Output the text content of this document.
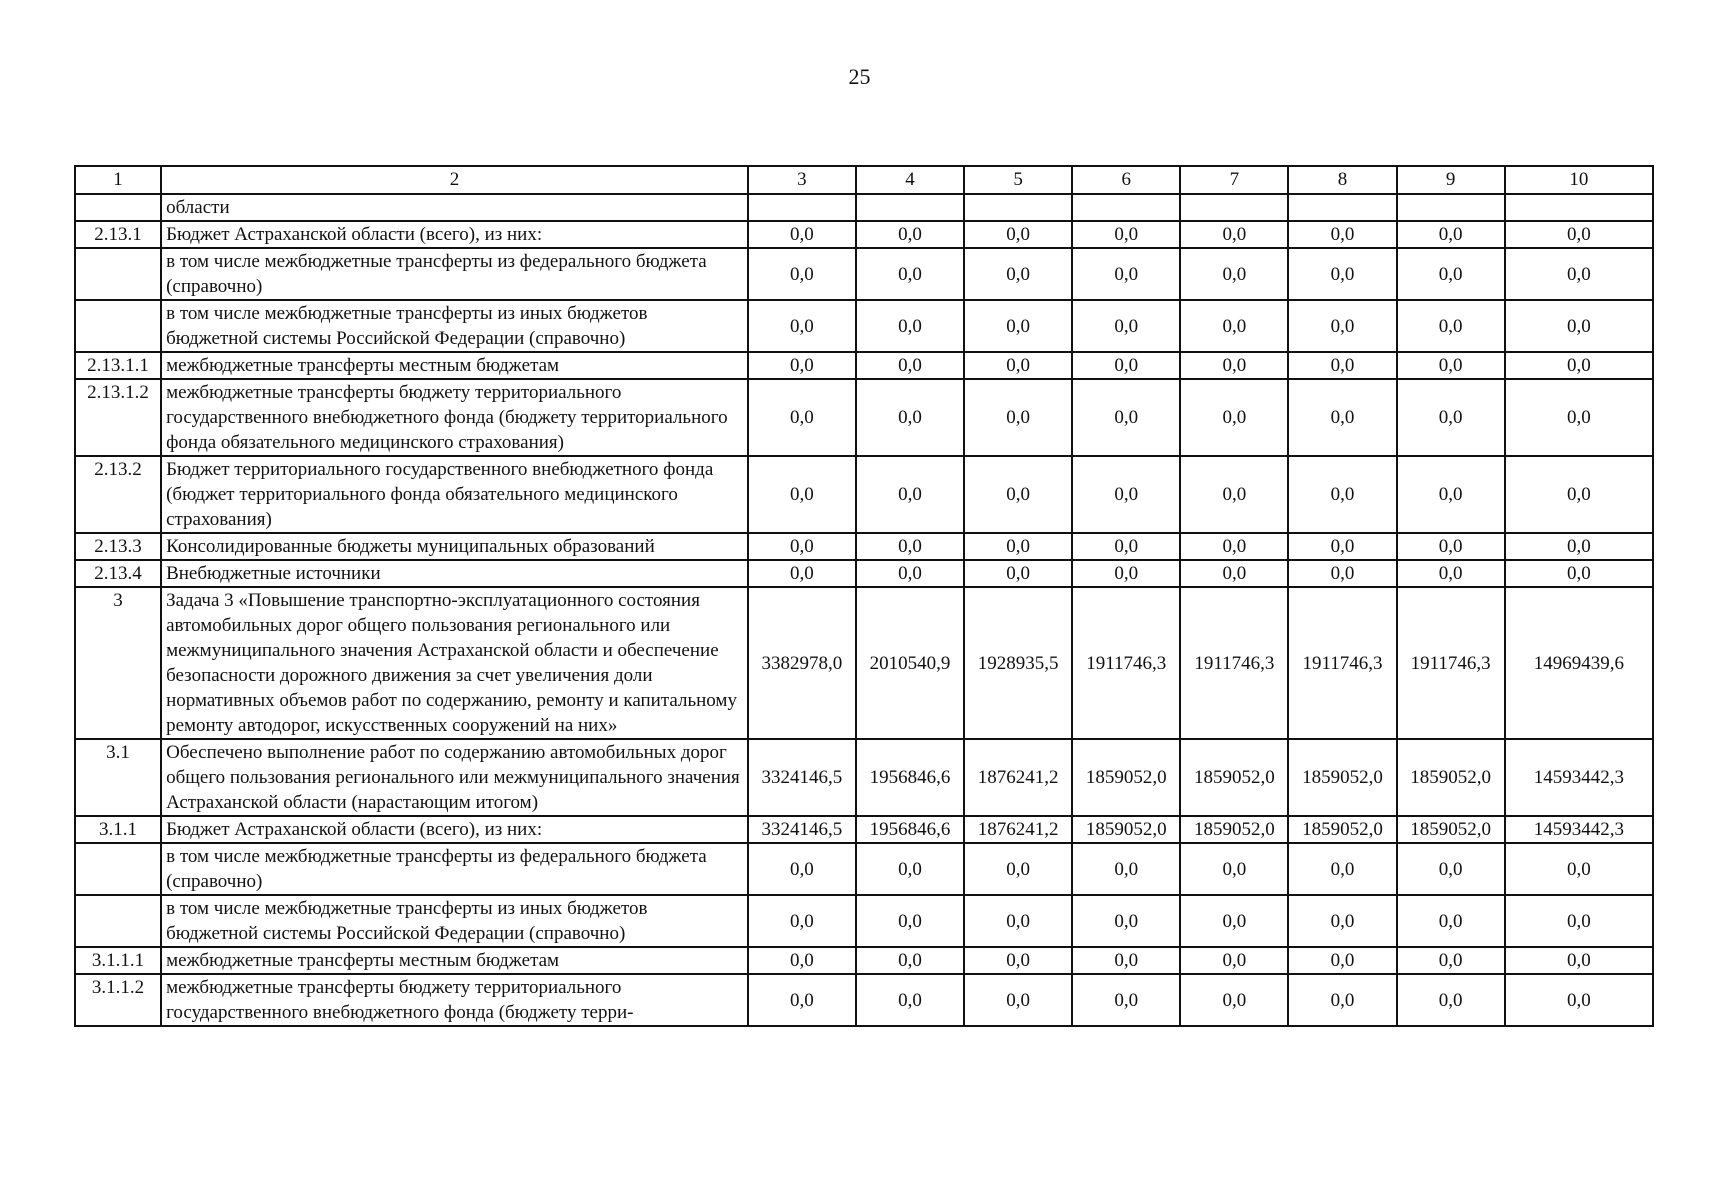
25
1	2	3	4	5	6	7	8	9	10
	области								
2.13.1	Бюджет Астраханской области (всего), из них:	0,0	0,0	0,0	0,0	0,0	0,0	0,0	0,0
	в том числе межбюджетные трансферты из федерального бюджета (справочно)	0,0	0,0	0,0	0,0	0,0	0,0	0,0	0,0
	в том числе межбюджетные трансферты из иных бюджетов бюджетной системы Российской Федерации (справочно)	0,0	0,0	0,0	0,0	0,0	0,0	0,0	0,0
2.13.1.1	межбюджетные трансферты местным бюджетам	0,0	0,0	0,0	0,0	0,0	0,0	0,0	0,0
2.13.1.2	межбюджетные трансферты бюджету территориального государственного внебюджетного фонда (бюджету территориального фонда обязательного медицинского страхования)	0,0	0,0	0,0	0,0	0,0	0,0	0,0	0,0
2.13.2	Бюджет территориального государственного внебюджетного фонда (бюджет территориального фонда обязательного медицинского страхования)	0,0	0,0	0,0	0,0	0,0	0,0	0,0	0,0
2.13.3	Консолидированные бюджеты муниципальных образований	0,0	0,0	0,0	0,0	0,0	0,0	0,0	0,0
2.13.4	Внебюджетные источники	0,0	0,0	0,0	0,0	0,0	0,0	0,0	0,0
3	Задача 3 «Повышение транспортно-эксплуатационного состояния автомобильных дорог общего пользования регионального или межмуниципального значения Астраханской области и обеспечение безопасности дорожного движения за счет увеличения доли нормативных объемов работ по содержанию, ремонту и капитальному ремонту автодорог, искусственных сооружений на них»	3382978,0	2010540,9	1928935,5	1911746,3	1911746,3	1911746,3	1911746,3	14969439,6
3.1	Обеспечено выполнение работ по содержанию автомобильных дорог общего пользования регионального или межмуниципального значения Астраханской области (нарастающим итогом)	3324146,5	1956846,6	1876241,2	1859052,0	1859052,0	1859052,0	1859052,0	14593442,3
3.1.1	Бюджет Астраханской области (всего), из них:	3324146,5	1956846,6	1876241,2	1859052,0	1859052,0	1859052,0	1859052,0	14593442,3
	в том числе межбюджетные трансферты из федерального бюджета (справочно)	0,0	0,0	0,0	0,0	0,0	0,0	0,0	0,0
	в том числе межбюджетные трансферты из иных бюджетов бюджетной системы Российской Федерации (справочно)	0,0	0,0	0,0	0,0	0,0	0,0	0,0	0,0
3.1.1.1	межбюджетные трансферты местным бюджетам	0,0	0,0	0,0	0,0	0,0	0,0	0,0	0,0
3.1.1.2	межбюджетные трансферты бюджету территориального государственного внебюджетного фонда (бюджету терри-	0,0	0,0	0,0	0,0	0,0	0,0	0,0	0,0
